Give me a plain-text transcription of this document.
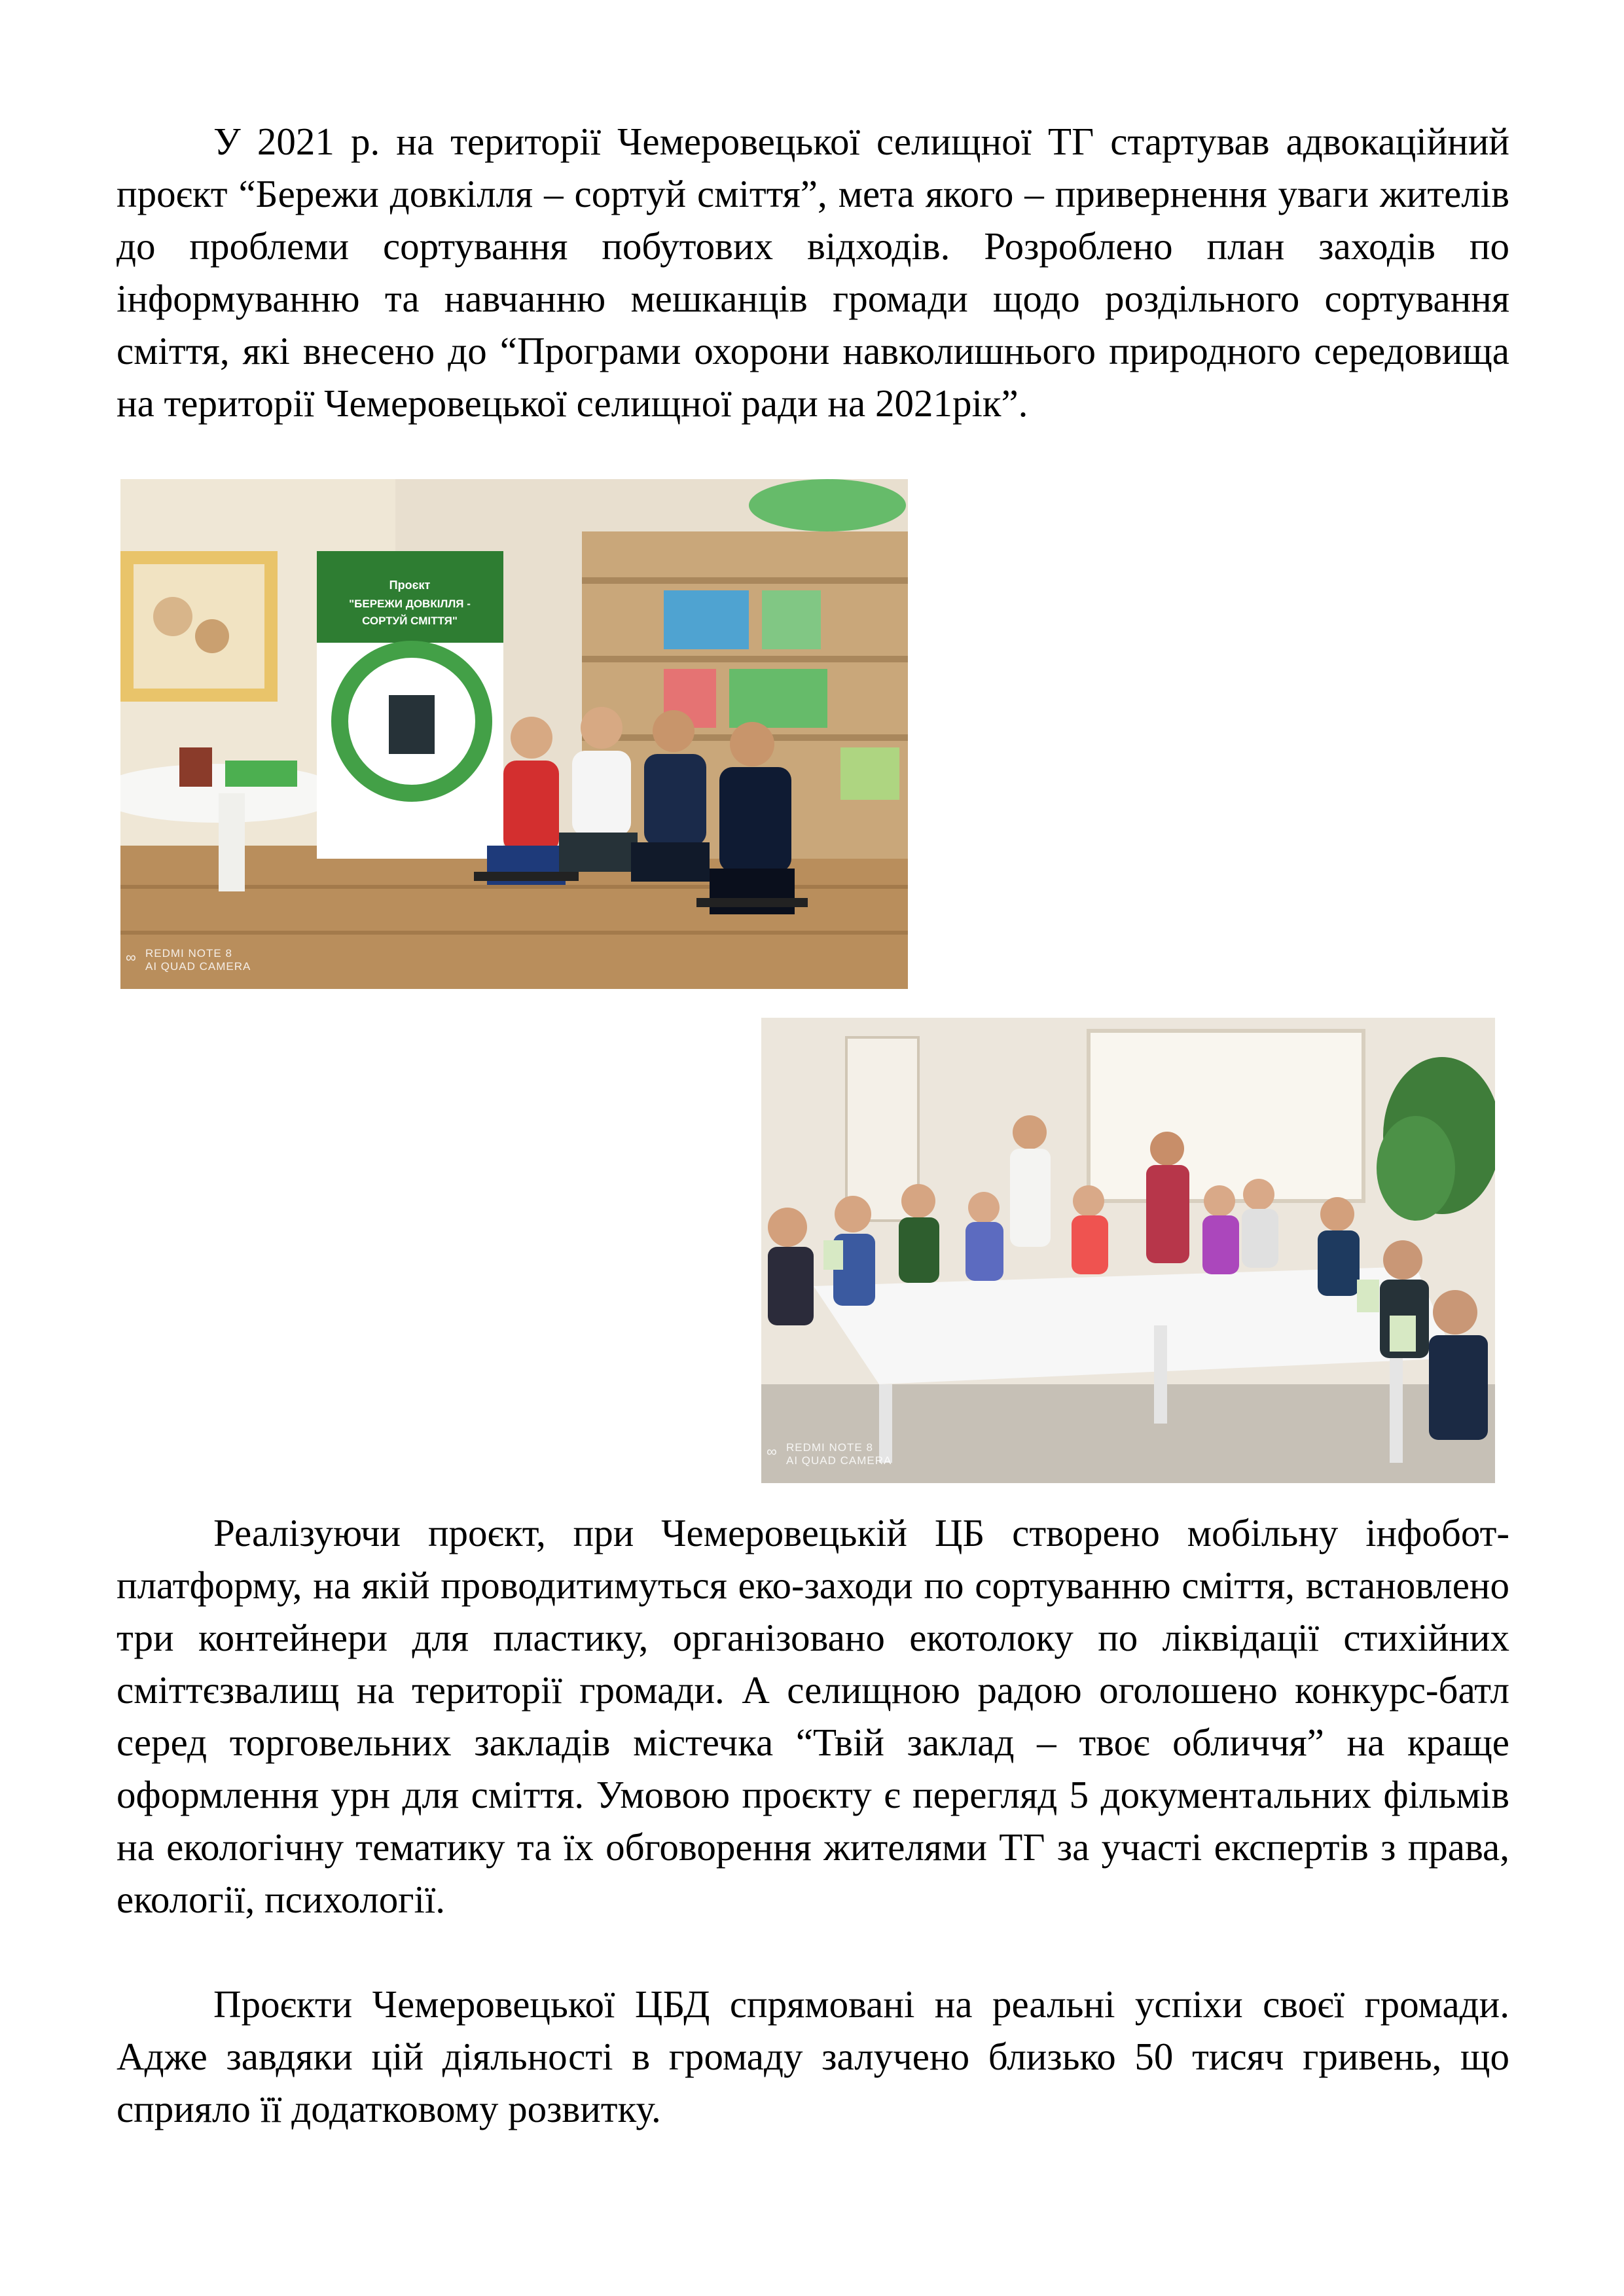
У 2021 р. на території Чемеровецької селищної ТГ стартував адвокаційний проєкт “Бережи довкілля – сортуй сміття”, мета якого – привернення уваги жителів до проблеми сортування побутових відходів. Розроблено план заходів по інформуванню та навчанню мешканців громади щодо роздільного сортування сміття, які внесено до “Програми охорони навколишнього природного середовища на території Чемеровецької селищної ради на 2021рік”.

Проєкт
"БЕРЕЖИ ДОВКІЛЛЯ -
СОРТУЙ СМІТТЯ"
∞ REDMI NOTE 8
AI QUAD CAMERA
∞ REDMI NOTE 8
AI QUAD CAMERA

Реалізуючи проєкт, при Чемеровецькій ЦБ створено мобільну інфобот-платформу, на якій проводитимуться еко-заходи по сортуванню сміття, встановлено три контейнери для пластику, організовано екотолоку по ліквідації стихійних сміттєзвалищ на території громади. А селищною радою оголошено конкурс-батл серед торговельних закладів містечка “Твій заклад – твоє обличчя” на краще оформлення урн для сміття. Умовою проєкту є перегляд 5 документальних фільмів на екологічну тематику та їх обговорення жителями ТГ за участі експертів з права, екології, психології.

Проєкти Чемеровецької ЦБД спрямовані на реальні успіхи своєї громади. Адже завдяки цій діяльності в громаду залучено близько 50 тисяч гривень, що сприяло її додатковому розвитку.
